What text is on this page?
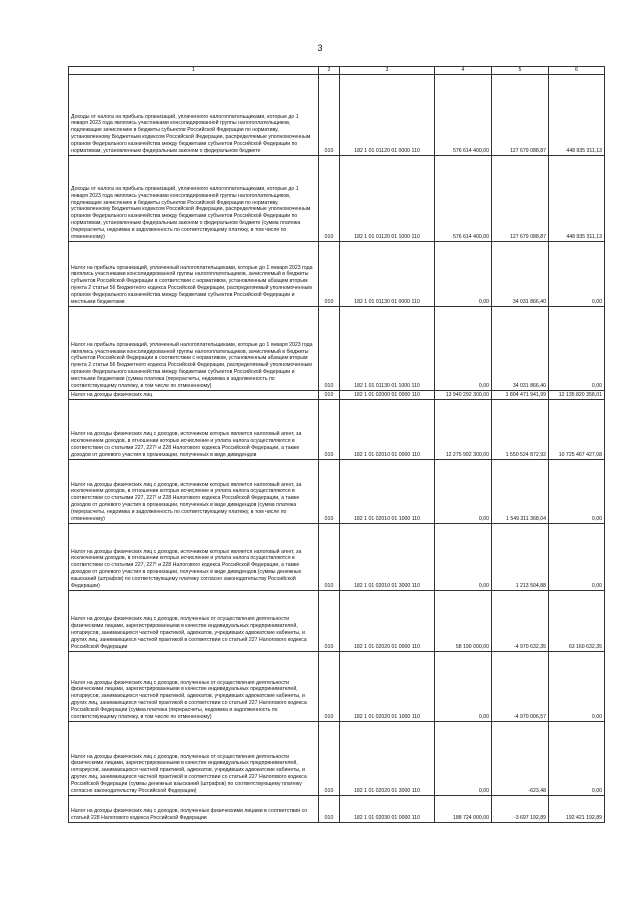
3
1	2	3	4	5	6
Доходы от налога на прибыль организаций, уплаченного налогоплательщиками, которые до 1 января 2023 года являлись участниками консолидированной группы налогоплательщиков, подлежащие зачислению в бюджеты субъектов Российской Федерации по нормативу, установленному Бюджетным кодексом Российской Федерации, распределяемые уполномоченным органом Федерального казначейства между бюджетами субъектов Российской Федерации по нормативам, установленным федеральным законом о федеральном бюджете	010	182 1 01 01120 01 0000 110	576 614 400,00	127 679 088,87	448 935 311,13
Доходы от налога на прибыль организаций, уплаченного налогоплательщиками, которые до 1 января 2023 года являлись участниками консолидированной группы налогоплательщиков, подлежащие зачислению в бюджеты субъектов Российской Федерации по нормативу, установленному Бюджетным кодексом Российской Федерации, распределяемые уполномоченным органом Федерального казначейства между бюджетами субъектов Российской Федерации по нормативам, установленным федеральным законом о федеральном бюджете (сумма платежа (перерасчеты, недоимка и задолженность по соответствующему платежу, в том числе по отмененному)	010	182 1 01 01120 01 1000 110	576 614 400,00	127 679 088,87	448 935 311,13
Налог на прибыль организаций, уплаченный налогоплательщиками, которые до 1 января 2023 года являлись участниками консолидированной группы налогоплательщиков, зачисляемый в бюджеты субъектов Российской Федерации в соответствии с нормативом, установленным абзацем вторым пункта 2 статьи 56 Бюджетного кодекса Российской Федерации, распределяемый уполномоченным органом Федерального казначейства между бюджетами субъектов Российской Федерации и местными бюджетами	010	182 1 01 01130 01 0000 110	0,00	34 031 866,40	0,00
Налог на прибыль организаций, уплаченный налогоплательщиками, которые до 1 января 2023 года являлись участниками консолидированной группы налогоплательщиков, зачисляемый в бюджеты субъектов Российской Федерации в соответствии с нормативом, установленным абзацем вторым пункта 2 статьи 56 Бюджетного кодекса Российской Федерации, распределяемый уполномоченным органом Федерального казначейства между бюджетами субъектов Российской Федерации и местными бюджетами (сумма платежа (перерасчеты, недоимка и задолженность по соответствующему платежу, в том числе по отмененному)	010	182 1 01 01130 01 1000 110	0,00	34 031 866,40	0,00
Налог на доходы физических лиц	010	182 1 01 02000 01 0000 110	13 940 292 300,00	1 804 471 941,99	12 135 820 358,01
Налог на доходы физических лиц с доходов, источником которых является налоговый агент, за исключением доходов, в отношении которых исчисление и уплата налога осуществляются в соответствии со статьями 227, 227¹ и 228 Налогового кодекса Российской Федерации, а также доходов от долевого участия в организации, полученных в виде дивидендов	010	182 1 01 02010 01 0000 110	12 275 992 300,00	1 550 524 872,92	10 725 467 427,08
Налог на доходы физических лиц с доходов, источником которых является налоговый агент, за исключением доходов, в отношении которых исчисление и уплата налога осуществляются в соответствии со статьями 227, 227¹ и 228 Налогового кодекса Российской Федерации, а также доходов от долевого участия в организации, полученных в виде дивидендов (сумма платежа (перерасчеты, недоимка и задолженность по соответствующему платежу, в том числе по отмененному)	010	182 1 01 02010 01 1000 110	0,00	1 549 311 368,04	0,00
Налог на доходы физических лиц с доходов, источником которых является налоговый агент, за исключением доходов, в отношении которых исчисление и уплата налога осуществляются в соответствии со статьями 227, 227¹ и 228 Налогового кодекса Российской Федерации, а также доходов от долевого участия в организации, полученных в виде дивидендов (суммы денежных взысканий (штрафов) по соответствующему платежу согласно законодательству Российской Федерации)	010	182 1 01 02010 01 3000 110	0,00	1 213 504,88	0,00
Налог на доходы физических лиц с доходов, полученных от осуществления деятельности физическими лицами, зарегистрированными в качестве индивидуальных предпринимателей, нотариусов, занимающихся частной практикой, адвокатов, учредивших адвокатские кабинеты, и других лиц, занимающихся частной практикой в соответствии со статьей 227 Налогового кодекса Российской Федерации	010	182 1 01 02020 01 0000 110	58 190 000,00	-4 970 632,35	63 160 632,35
Налог на доходы физических лиц с доходов, полученных от осуществления деятельности физическими лицами, зарегистрированными в качестве индивидуальных предпринимателей, нотариусов, занимающихся частной практикой, адвокатов, учредивших адвокатские кабинеты, и других лиц, занимающихся частной практикой в соответствии со статьей 227 Налогового кодекса Российской Федерации (сумма платежа (перерасчеты, недоимка и задолженность по соответствующему платежу, в том числе по отмененному)	010	182 1 01 02020 01 1000 110	0,00	-4 970 006,57	0,00
Налог на доходы физических лиц с доходов, полученных от осуществления деятельности физическими лицами, зарегистрированными в качестве индивидуальных предпринимателей, нотариусов, занимающихся частной практикой, адвокатов, учредивших адвокатские кабинеты, и других лиц, занимающихся частной практикой в соответствии со статьей 227 Налогового кодекса Российской Федерации (суммы денежных взысканий (штрафов) по соответствующему платежу согласно законодательству Российской Федерации)	010	182 1 01 02020 01 3000 110	0,00	-623,48	0,00
Налог на доходы физических лиц с доходов, полученных физическими лицами в соответствии со статьей 228 Налогового кодекса Российской Федерации	010	182 1 01 02030 01 0000 110	188 724 000,00	-3 697 192,89	192 421 192,89
